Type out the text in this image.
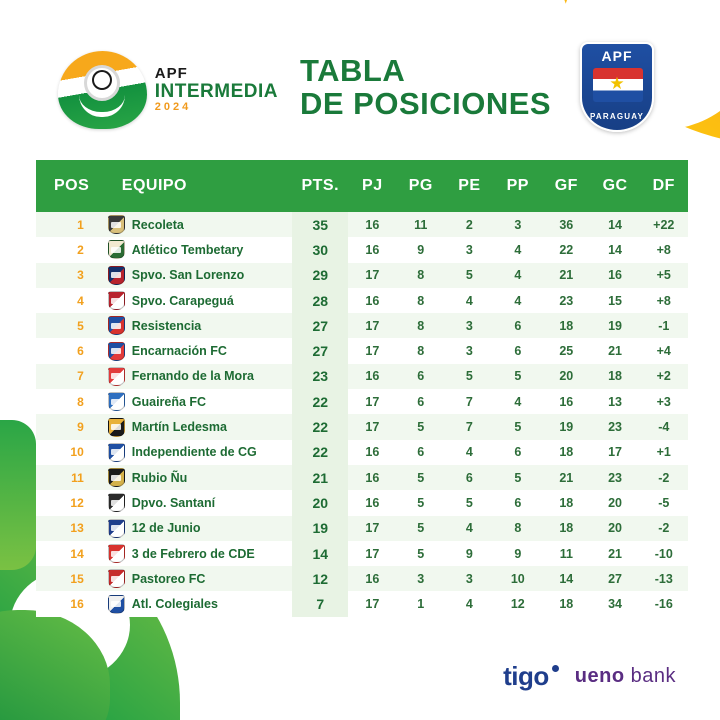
APF
INTERMEDIA
2024
TABLA
DE POSICIONES
APF
★
PARAGUAY
POS	EQUIPO	PTS.	PJ	PG	PE	PP	GF	GC	DF
1	Recoleta	35	16	11	2	3	36	14	+22
2	Atlético Tembetary	30	16	9	3	4	22	14	+8
3	Spvo. San Lorenzo	29	17	8	5	4	21	16	+5
4	Spvo. Carapeguá	28	16	8	4	4	23	15	+8
5	Resistencia	27	17	8	3	6	18	19	-1
6	Encarnación FC	27	17	8	3	6	25	21	+4
7	Fernando de la Mora	23	16	6	5	5	20	18	+2
8	Guaireña FC	22	17	6	7	4	16	13	+3
9	Martín Ledesma	22	17	5	7	5	19	23	-4
10	Independiente de CG	22	16	6	4	6	18	17	+1
11	Rubio Ñu	21	16	5	6	5	21	23	-2
12	Dpvo. Santaní	20	16	5	5	6	18	20	-5
13	12 de Junio	19	17	5	4	8	18	20	-2
14	3 de Febrero de CDE	14	17	5	9	9	11	21	-10
15	Pastoreo FC	12	16	3	3	10	14	27	-13
16	Atl. Colegiales	7	17	1	4	12	18	34	-16
tigo ueno bank
